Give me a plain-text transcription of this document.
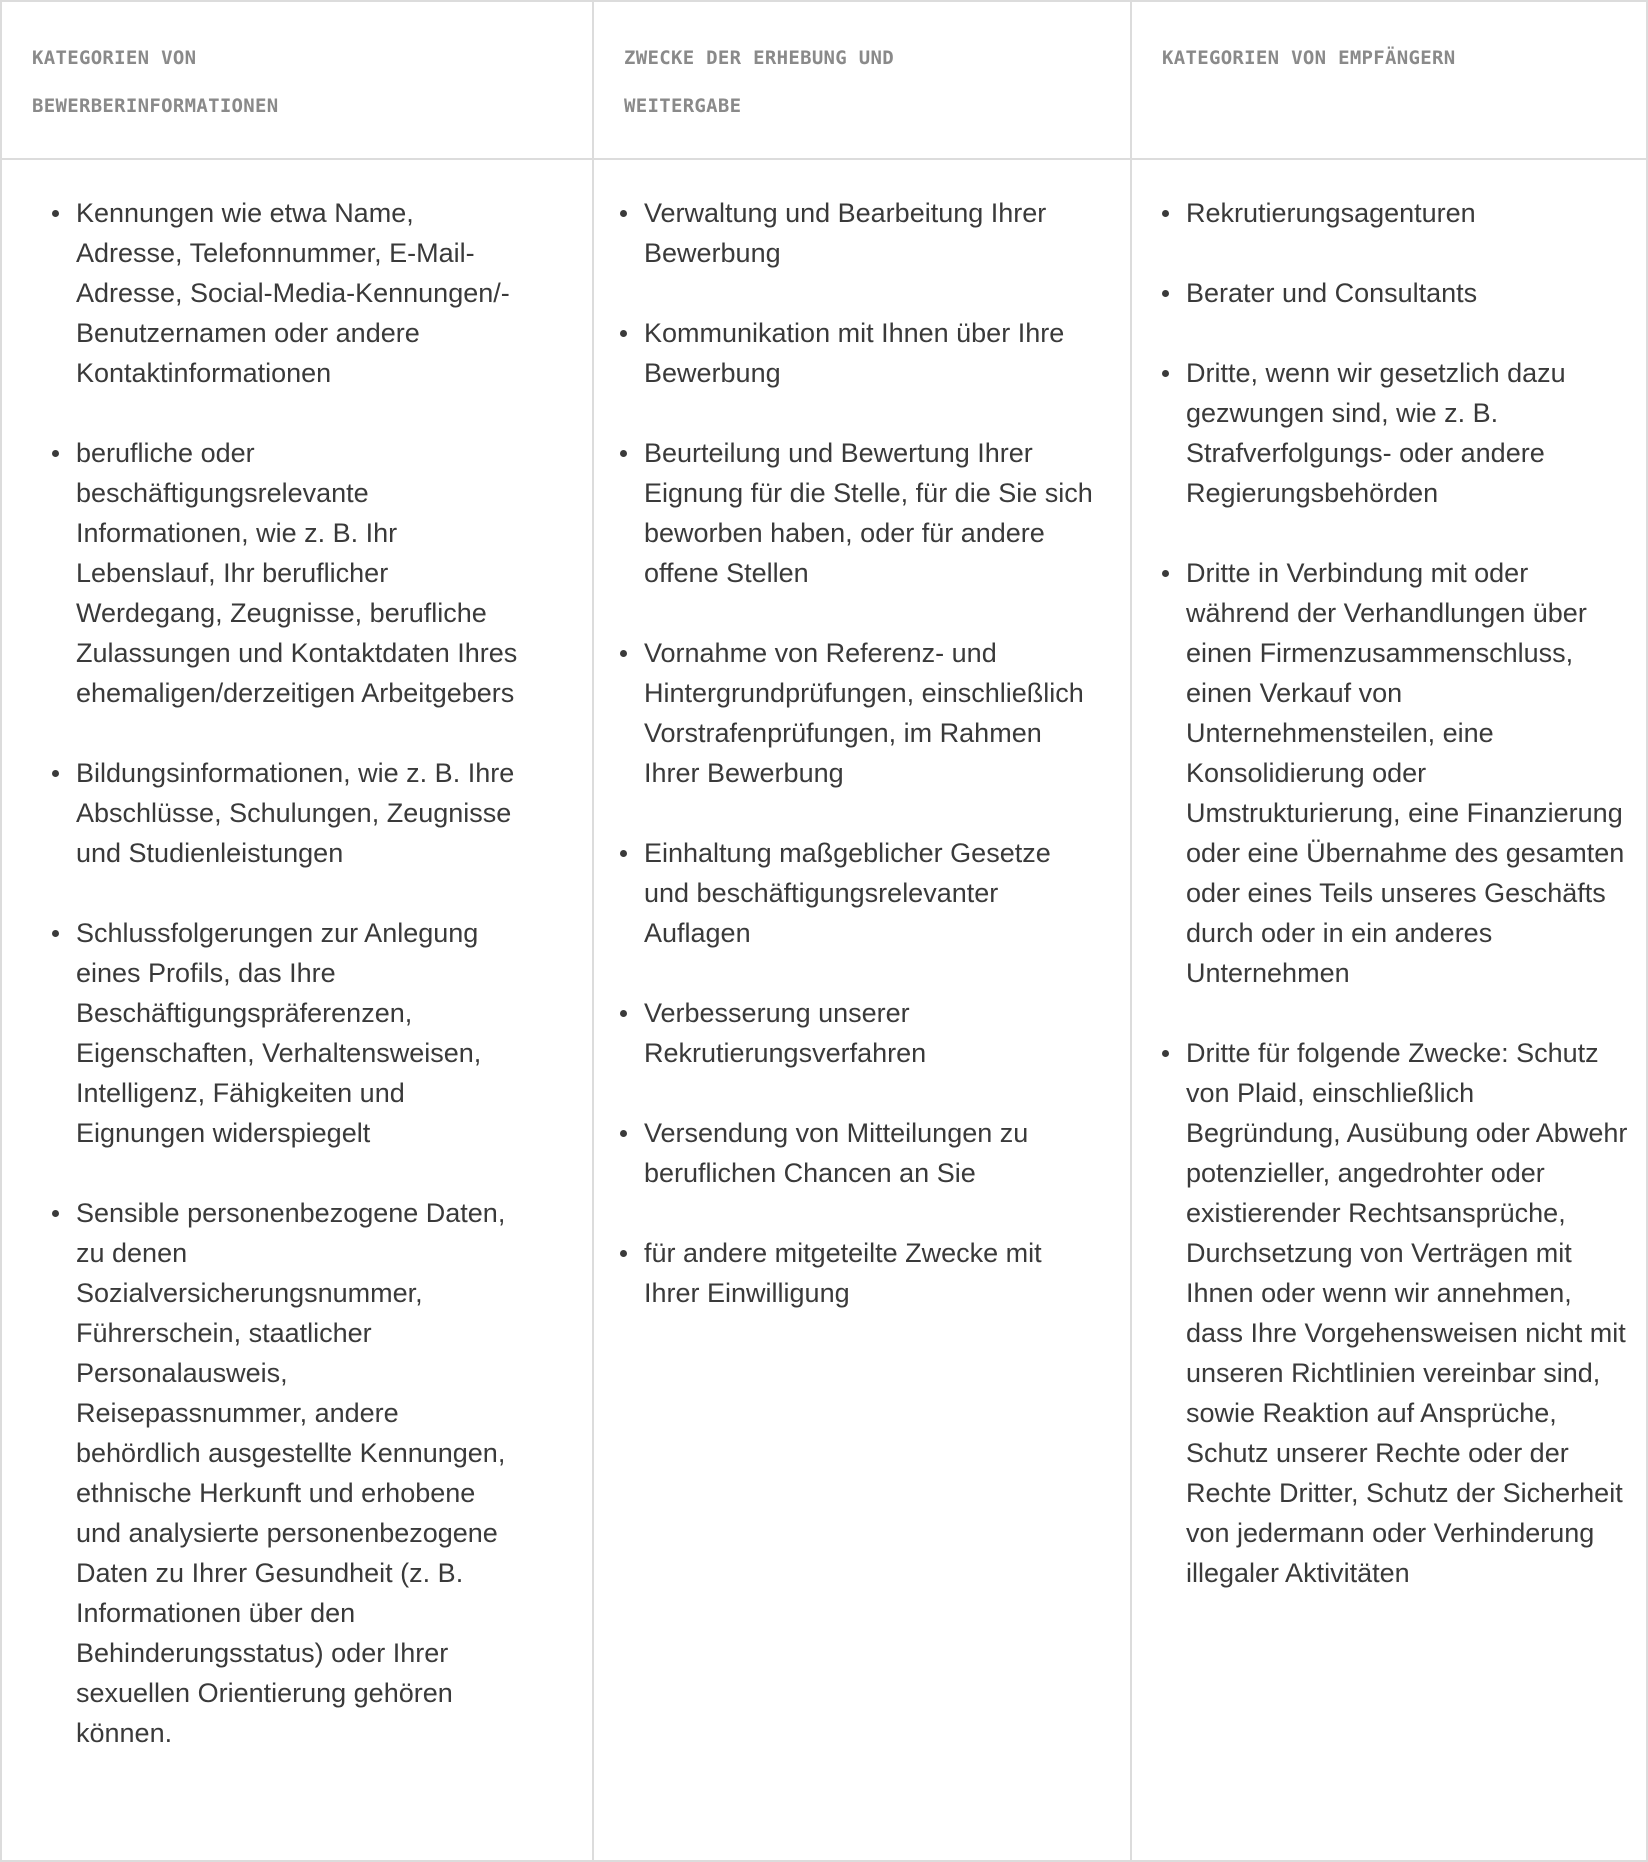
KATEGORIEN VON
BEWERBERINFORMATIONEN
ZWECKE DER ERHEBUNG UND
WEITERGABE
KATEGORIEN VON EMPFÄNGERN
Kennungen wie etwa Name, Adresse, Telefonnummer, E-Mail-Adresse, Social-Media-Kennungen/-Benutzernamen oder andere Kontaktinformationen
berufliche oder beschäftigungsrelevante Informationen, wie z. B. Ihr Lebenslauf, Ihr beruflicher Werdegang, Zeugnisse, berufliche Zulassungen und Kontaktdaten Ihres ehemaligen/derzeitigen Arbeitgebers
Bildungsinformationen, wie z. B. Ihre Abschlüsse, Schulungen, Zeugnisse und Studienleistungen
Schlussfolgerungen zur Anlegung eines Profils, das Ihre Beschäftigungspräferenzen, Eigenschaften, Verhaltensweisen, Intelligenz, Fähigkeiten und Eignungen widerspiegelt
Sensible personenbezogene Daten, zu denen Sozialversicherungsnummer, Führerschein, staatlicher Personalausweis, Reisepassnummer, andere behördlich ausgestellte Kennungen, ethnische Herkunft und erhobene und analysierte personenbezogene Daten zu Ihrer Gesundheit (z. B. Informationen über den Behinderungsstatus) oder Ihrer sexuellen Orientierung gehören können.
Verwaltung und Bearbeitung Ihrer Bewerbung
Kommunikation mit Ihnen über Ihre Bewerbung
Beurteilung und Bewertung Ihrer Eignung für die Stelle, für die Sie sich beworben haben, oder für andere offene Stellen
Vornahme von Referenz- und Hintergrundprüfungen, einschließlich Vorstrafenprüfungen, im Rahmen Ihrer Bewerbung
Einhaltung maßgeblicher Gesetze und beschäftigungsrelevanter Auflagen
Verbesserung unserer Rekrutierungsverfahren
Versendung von Mitteilungen zu beruflichen Chancen an Sie
für andere mitgeteilte Zwecke mit Ihrer Einwilligung
Rekrutierungsagenturen
Berater und Consultants
Dritte, wenn wir gesetzlich dazu gezwungen sind, wie z. B. Strafverfolgungs- oder andere Regierungsbehörden
Dritte in Verbindung mit oder während der Verhandlungen über einen Firmenzusammenschluss, einen Verkauf von Unternehmensteilen, eine Konsolidierung oder Umstrukturierung, eine Finanzierung oder eine Übernahme des gesamten oder eines Teils unseres Geschäfts durch oder in ein anderes Unternehmen
Dritte für folgende Zwecke: Schutz von Plaid, einschließlich Begründung, Ausübung oder Abwehr potenzieller, angedrohter oder existierender Rechtsansprüche, Durchsetzung von Verträgen mit Ihnen oder wenn wir annehmen, dass Ihre Vorgehensweisen nicht mit unseren Richtlinien vereinbar sind, sowie Reaktion auf Ansprüche, Schutz unserer Rechte oder der Rechte Dritter, Schutz der Sicherheit von jedermann oder Verhinderung illegaler Aktivitäten
